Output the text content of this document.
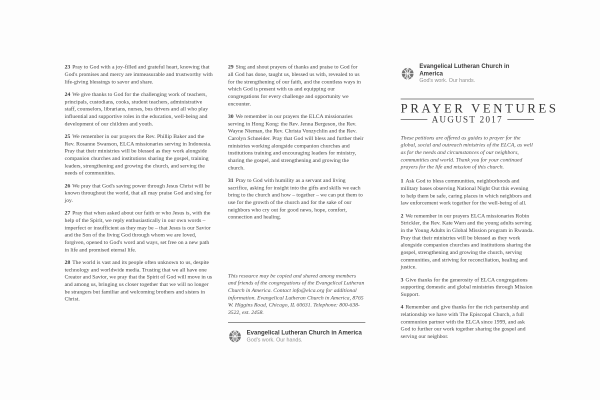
23 Pray to God with a joy-filled and grateful heart, knowing that God's promises and mercy are immeasurable and trustworthy with life-giving blessings to savor and share.

24 We give thanks to God for the challenging work of teachers, principals, custodians, cooks, student teachers, administrative staff, counselors, librarians, nurses, bus drivers and all who play influential and supportive roles in the education, well-being and development of our children and youth.

25 We remember in our prayers the Rev. Phillip Baker and the Rev. Rosanne Swanson, ELCA missionaries serving in Indonesia. Pray that their ministries will be blessed as they work alongside companion churches and institutions sharing the gospel, training leaders, strengthening and growing the church, and serving the needs of communities.

26 We pray that God's saving power through Jesus Christ will be known throughout the world, that all may praise God and sing for joy.

27 Pray that when asked about our faith or who Jesus is, with the help of the Spirit, we reply enthusiastically in our own words – imperfect or insufficient as they may be – that Jesus is our Savior and the Son of the living God through whom we are loved, forgiven, opened to God's word and ways, set free on a new path in life and promised eternal life.

28 The world is vast and its people often unknown to us, despite technology and worldwide media. Trusting that we all have one Creator and Savior, we pray that the Spirit of God will move in us and among us, bringing us closer together that we will no longer be strangers but familiar and welcoming brothers and sisters in Christ.

29 Sing and shout prayers of thanks and praise to God for all God has done, taught us, blessed us with, revealed to us for the strengthening of our faith, and the countless ways in which God is present with us and equipping our congregations for every challenge and opportunity we encounter.

30 We remember in our prayers the ELCA missionaries serving in Hong Kong: the Rev. Jenna Bergeson, the Rev. Wayne Nieman, the Rev. Christa Vonzychlin and the Rev. Carolyn Schneider. Pray that God will bless and further their ministries working alongside companion churches and institutions training and encouraging leaders for ministry, sharing the gospel, and strengthening and growing the church.

31 Pray to God with humility as a servant and living sacrifice, asking for insight into the gifts and skills we each bring to the church and how – together – we can put them to use for the growth of the church and for the sake of our neighbors who cry out for good news, hope, comfort, connection and healing.

This resource may be copied and shared among members and friends of the congregations of the Evangelical Lutheran Church in America. Contact info@elca.org for additional information. Evangelical Lutheran Church in America, 8765 W. Higgins Road, Chicago, IL 60631. Telephone: 800-638-3522, ext. 2458.

Evangelical Lutheran Church in America
God's work. Our hands.
Evangelical Lutheran Church in America
God's work. Our hands.
PRAYER VENTURES
AUGUST 2017

These petitions are offered as guides to prayer for the global, social and outreach ministries of the ELCA, as well as for the needs and circumstances of our neighbors, communities and world. Thank you for your continued prayers for the life and mission of this church.

1 Ask God to bless communities, neighborhoods and military bases observing National Night Out this evening to help them be safe, caring places in which neighbors and law enforcement work together for the well-being of all.

2 We remember in our prayers ELCA missionaries Robin Strickler, the Rev. Kate Warn and the young adults serving in the Young Adults in Global Mission program in Rwanda. Pray that their ministries will be blessed as they work alongside companion churches and institutions sharing the gospel, strengthening and growing the church, serving communities, and striving for reconciliation, healing and justice.

3 Give thanks for the generosity of ELCA congregations supporting domestic and global ministries through Mission Support.

4 Remember and give thanks for the rich partnership and relationship we have with The Episcopal Church, a full communion partner with the ELCA since 1999, and ask God to further our work together sharing the gospel and serving our neighbor.
